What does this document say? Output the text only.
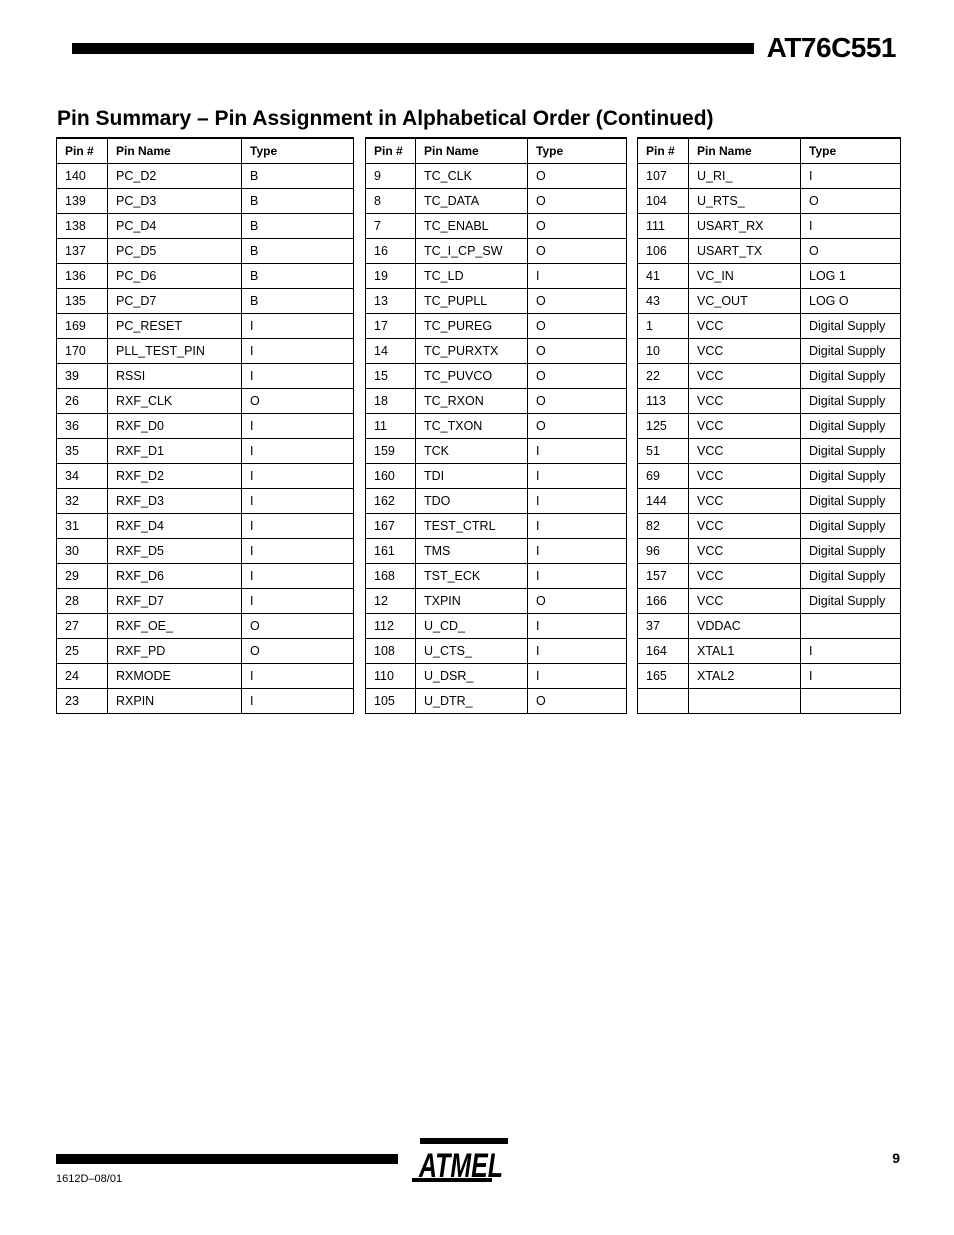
AT76C551
Pin Summary – Pin Assignment in Alphabetical Order (Continued)
Pin #	Pin Name	Type
140	PC_D2	B
139	PC_D3	B
138	PC_D4	B
137	PC_D5	B
136	PC_D6	B
135	PC_D7	B
169	PC_RESET	I
170	PLL_TEST_PIN	I
39	RSSI	I
26	RXF_CLK	O
36	RXF_D0	I
35	RXF_D1	I
34	RXF_D2	I
32	RXF_D3	I
31	RXF_D4	I
30	RXF_D5	I
29	RXF_D6	I
28	RXF_D7	I
27	RXF_OE_	O
25	RXF_PD	O
24	RXMODE	I
23	RXPIN	I
Pin #	Pin Name	Type
9	TC_CLK	O
8	TC_DATA	O
7	TC_ENABL	O
16	TC_I_CP_SW	O
19	TC_LD	I
13	TC_PUPLL	O
17	TC_PUREG	O
14	TC_PURXTX	O
15	TC_PUVCO	O
18	TC_RXON	O
11	TC_TXON	O
159	TCK	I
160	TDI	I
162	TDO	I
167	TEST_CTRL	I
161	TMS	I
168	TST_ECK	I
12	TXPIN	O
112	U_CD_	I
108	U_CTS_	I
110	U_DSR_	I
105	U_DTR_	O
Pin #	Pin Name	Type
107	U_RI_	I
104	U_RTS_	O
111	USART_RX	I
106	USART_TX	O
41	VC_IN	LOG 1
43	VC_OUT	LOG O
1	VCC	Digital Supply
10	VCC	Digital Supply
22	VCC	Digital Supply
113	VCC	Digital Supply
125	VCC	Digital Supply
51	VCC	Digital Supply
69	VCC	Digital Supply
144	VCC	Digital Supply
82	VCC	Digital Supply
96	VCC	Digital Supply
157	VCC	Digital Supply
166	VCC	Digital Supply
37	VDDAC	
164	XTAL1	I
165	XTAL2	I

ATMEL	9
1612D–08/01
